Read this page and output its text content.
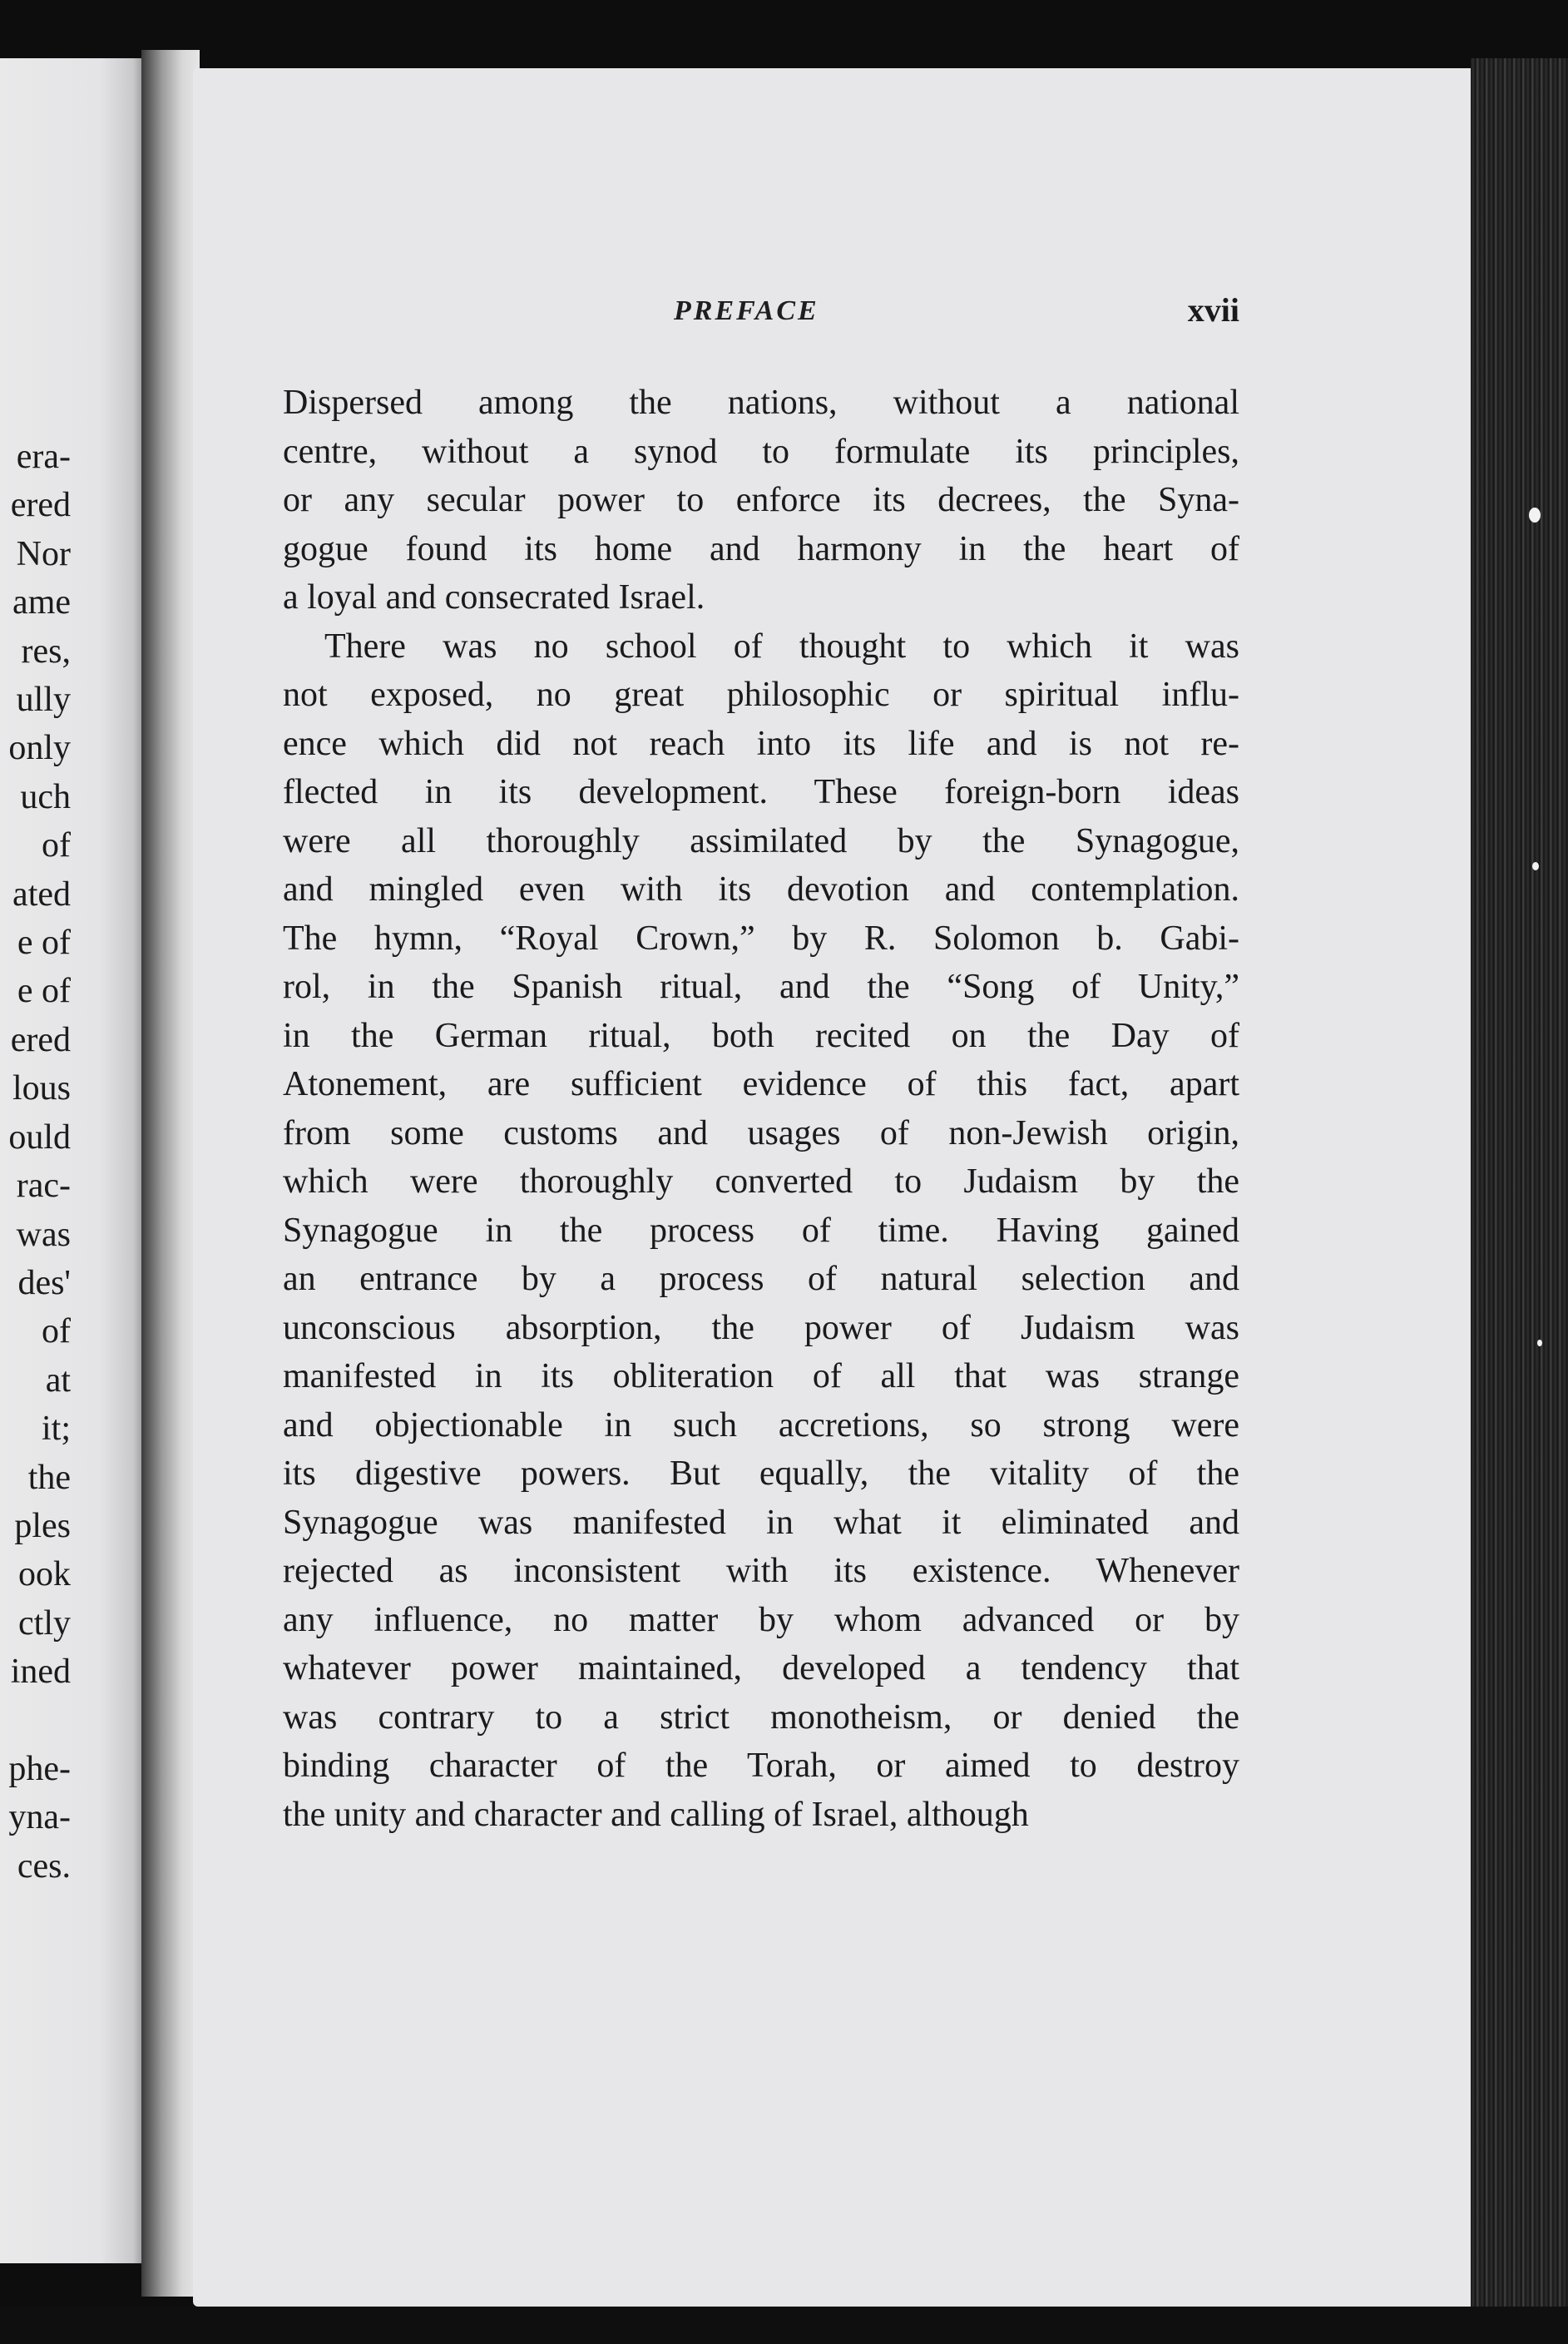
era-
ered
Nor
ame
res,
ully
only
uch
of
ated
e of
e of
ered
lous
ould
rac-
was
des'
of
at
it;
the
ples
ook
ctly
ined
phe-
yna-
ces.
PREFACE	xvii
Dispersed among the nations, without a national
centre, without a synod to formulate its principles,
or any secular power to enforce its decrees, the Syna-
gogue found its home and harmony in the heart of
a loyal and consecrated Israel.
There was no school of thought to which it was
not exposed, no great philosophic or spiritual influ-
ence which did not reach into its life and is not re-
flected in its development. These foreign-born ideas
were all thoroughly assimilated by the Synagogue,
and mingled even with its devotion and contemplation.
The hymn, “Royal Crown,” by R. Solomon b. Gabi-
rol, in the Spanish ritual, and the “Song of Unity,”
in the German ritual, both recited on the Day of
Atonement, are sufficient evidence of this fact, apart
from some customs and usages of non-Jewish origin,
which were thoroughly converted to Judaism by the
Synagogue in the process of time. Having gained
an entrance by a process of natural selection and
unconscious absorption, the power of Judaism was
manifested in its obliteration of all that was strange
and objectionable in such accretions, so strong were
its digestive powers. But equally, the vitality of the
Synagogue was manifested in what it eliminated and
rejected as inconsistent with its existence. Whenever
any influence, no matter by whom advanced or by
whatever power maintained, developed a tendency that
was contrary to a strict monotheism, or denied the
binding character of the Torah, or aimed to destroy
the unity and character and calling of Israel, although
